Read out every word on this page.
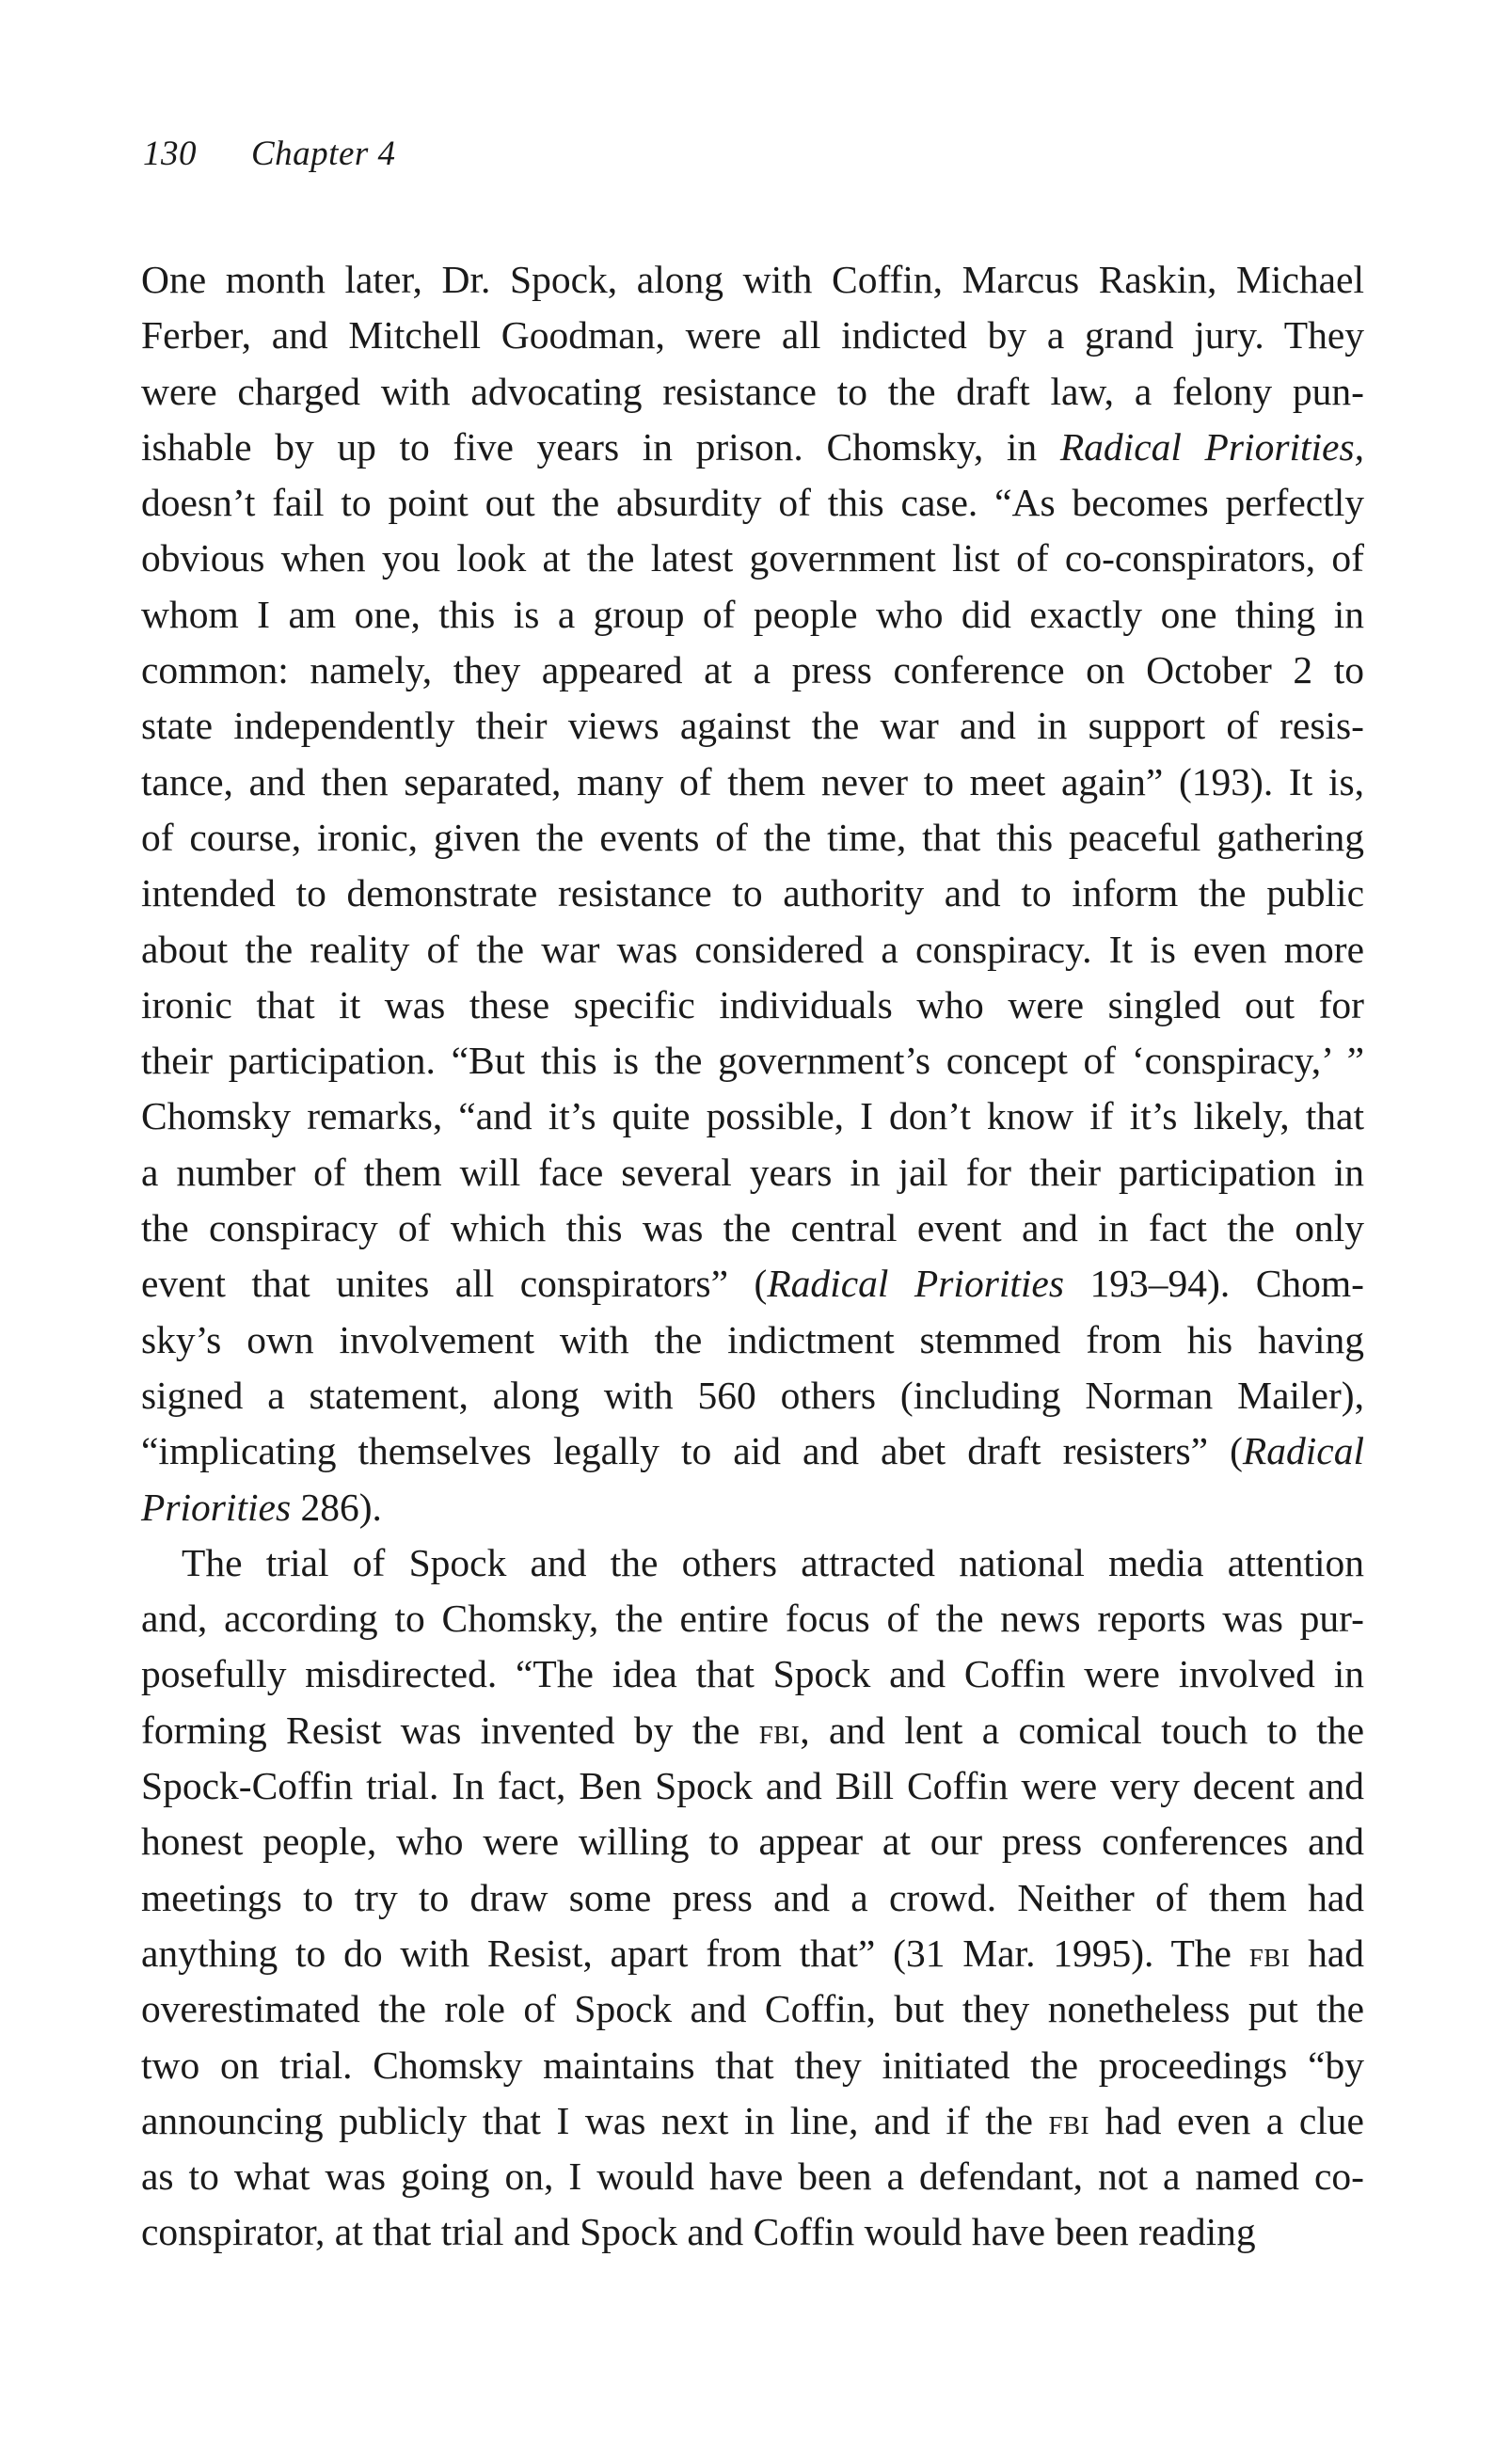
130 Chapter 4
One month later, Dr. Spock, along with Coffin, Marcus Raskin, Michael
Ferber, and Mitchell Goodman, were all indicted by a grand jury. They
were charged with advocating resistance to the draft law, a felony pun-
ishable by up to five years in prison. Chomsky, in Radical Priorities,
doesn’t fail to point out the absurdity of this case. “As becomes perfectly
obvious when you look at the latest government list of co-conspirators, of
whom I am one, this is a group of people who did exactly one thing in
common: namely, they appeared at a press conference on October 2 to
state independently their views against the war and in support of resis-
tance, and then separated, many of them never to meet again” (193). It is,
of course, ironic, given the events of the time, that this peaceful gathering
intended to demonstrate resistance to authority and to inform the public
about the reality of the war was considered a conspiracy. It is even more
ironic that it was these specific individuals who were singled out for
their participation. “But this is the government’s concept of ‘conspiracy,’ ”
Chomsky remarks, “and it’s quite possible, I don’t know if it’s likely, that
a number of them will face several years in jail for their participation in
the conspiracy of which this was the central event and in fact the only
event that unites all conspirators” (Radical Priorities 193–94). Chom-
sky’s own involvement with the indictment stemmed from his having
signed a statement, along with 560 others (including Norman Mailer),
“implicating themselves legally to aid and abet draft resisters” (Radical
Priorities 286).
The trial of Spock and the others attracted national media attention
and, according to Chomsky, the entire focus of the news reports was pur-
posefully misdirected. “The idea that Spock and Coffin were involved in
forming Resist was invented by the fbi, and lent a comical touch to the
Spock-Coffin trial. In fact, Ben Spock and Bill Coffin were very decent and
honest people, who were willing to appear at our press conferences and
meetings to try to draw some press and a crowd. Neither of them had
anything to do with Resist, apart from that” (31 Mar. 1995). The fbi had
overestimated the role of Spock and Coffin, but they nonetheless put the
two on trial. Chomsky maintains that they initiated the proceedings “by
announcing publicly that I was next in line, and if the fbi had even a clue
as to what was going on, I would have been a defendant, not a named co-
conspirator, at that trial and Spock and Coffin would have been reading
